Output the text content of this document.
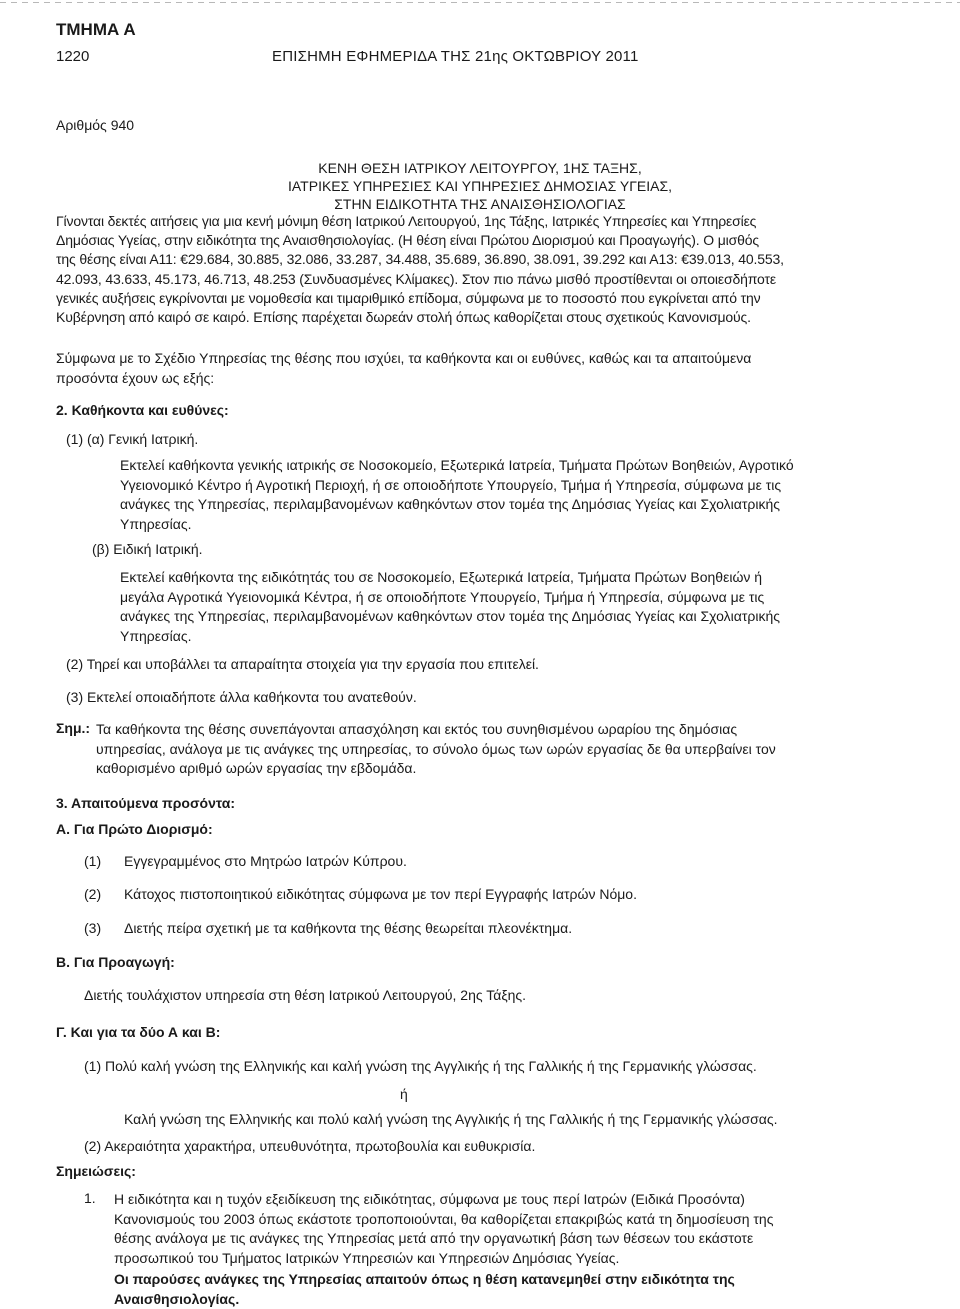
ΤΜΗΜΑ Α
1220	ΕΠΙΣΗΜΗ ΕΦΗΜΕΡΙΔΑ ΤΗΣ 21ης ΟΚΤΩΒΡΙΟΥ 2011
Αριθμός 940
ΚΕΝΗ ΘΕΣΗ ΙΑΤΡΙΚΟΥ ΛΕΙΤΟΥΡΓΟΥ, 1ΗΣ ΤΑΞΗΣ,
ΙΑΤΡΙΚΕΣ ΥΠΗΡΕΣΙΕΣ ΚΑΙ ΥΠΗΡΕΣΙΕΣ ΔΗΜΟΣΙΑΣ ΥΓΕΙΑΣ,
ΣΤΗΝ ΕΙΔΙΚΟΤΗΤΑ ΤΗΣ ΑΝΑΙΣΘΗΣΙΟΛΟΓΙΑΣ
Γίνονται δεκτές αιτήσεις για μια κενή μόνιμη θέση Ιατρικού Λειτουργού, 1ης Τάξης, Ιατρικές Υπηρεσίες και Υπηρεσίες
Δημόσιας Υγείας, στην ειδικότητα της Αναισθησιολογίας. (Η θέση είναι Πρώτου Διορισμού και Προαγωγής). Ο μισθός
της θέσης είναι Α11: €29.684, 30.885, 32.086, 33.287, 34.488, 35.689, 36.890, 38.091, 39.292 και Α13: €39.013, 40.553,
42.093, 43.633, 45.173, 46.713, 48.253 (Συνδυασμένες Κλίμακες). Στον πιο πάνω μισθό προστίθενται οι οποιεσδήποτε
γενικές αυξήσεις εγκρίνονται με νομοθεσία και τιμαριθμικό επίδομα, σύμφωνα με το ποσοστό που εγκρίνεται από την
Κυβέρνηση από καιρό σε καιρό. Επίσης παρέχεται δωρεάν στολή όπως καθορίζεται στους σχετικούς Κανονισμούς.
Σύμφωνα με το Σχέδιο Υπηρεσίας της θέσης που ισχύει, τα καθήκοντα και οι ευθύνες, καθώς και τα απαιτούμενα
προσόντα έχουν ως εξής:
2. Καθήκοντα και ευθύνες:
(1) (α) Γενική Ιατρική.
Εκτελεί καθήκοντα γενικής ιατρικής σε Νοσοκομείο, Εξωτερικά Ιατρεία, Τμήματα Πρώτων Βοηθειών, Αγροτικό
Υγειονομικό Κέντρο ή Αγροτική Περιοχή, ή σε οποιοδήποτε Υπουργείο, Τμήμα ή Υπηρεσία, σύμφωνα με τις
ανάγκες της Υπηρεσίας, περιλαμβανομένων καθηκόντων στον τομέα της Δημόσιας Υγείας και Σχολιατρικής
Υπηρεσίας.
(β) Ειδική Ιατρική.
Εκτελεί καθήκοντα της ειδικότητάς του σε Νοσοκομείο, Εξωτερικά Ιατρεία, Τμήματα Πρώτων Βοηθειών ή
μεγάλα Αγροτικά Υγειονομικά Κέντρα, ή σε οποιοδήποτε Υπουργείο, Τμήμα ή Υπηρεσία, σύμφωνα με τις
ανάγκες της Υπηρεσίας, περιλαμβανομένων καθηκόντων στον τομέα της Δημόσιας Υγείας και Σχολιατρικής
Υπηρεσίας.
(2) Τηρεί και υποβάλλει τα απαραίτητα στοιχεία για την εργασία που επιτελεί.
(3) Εκτελεί οποιαδήποτε άλλα καθήκοντα του ανατεθούν.
Σημ.: Τα καθήκοντα της θέσης συνεπάγονται απασχόληση και εκτός του συνηθισμένου ωραρίου της δημόσιας
υπηρεσίας, ανάλογα με τις ανάγκες της υπηρεσίας, το σύνολο όμως των ωρών εργασίας δε θα υπερβαίνει τον
καθορισμένο αριθμό ωρών εργασίας την εβδομάδα.
3. Απαιτούμενα προσόντα:
Α. Για Πρώτο Διορισμό:
(1) Εγγεγραμμένος στο Μητρώο Ιατρών Κύπρου.
(2) Κάτοχος πιστοποιητικού ειδικότητας σύμφωνα με τον περί Εγγραφής Ιατρών Νόμο.
(3) Διετής πείρα σχετική με τα καθήκοντα της θέσης θεωρείται πλεονέκτημα.
Β. Για Προαγωγή:
Διετής τουλάχιστον υπηρεσία στη θέση Ιατρικού Λειτουργού, 2ης Τάξης.
Γ. Και για τα δύο Α και Β:
(1) Πολύ καλή γνώση της Ελληνικής και καλή γνώση της Αγγλικής ή της Γαλλικής ή της Γερμανικής γλώσσας.
ή
Καλή γνώση της Ελληνικής και πολύ καλή γνώση της Αγγλικής ή της Γαλλικής ή της Γερμανικής γλώσσας.
(2) Ακεραιότητα χαρακτήρα, υπευθυνότητα, πρωτοβουλία και ευθυκρισία.
Σημειώσεις:
1. Η ειδικότητα και η τυχόν εξειδίκευση της ειδικότητας, σύμφωνα με τους περί Ιατρών (Ειδικά Προσόντα)
Κανονισμούς του 2003 όπως εκάστοτε τροποποιούνται, θα καθορίζεται επακριβώς κατά τη δημοσίευση της
θέσης ανάλογα με τις ανάγκες της Υπηρεσίας μετά από την οργανωτική βάση των θέσεων του εκάστοτε
προσωπικού του Τμήματος Ιατρικών Υπηρεσιών και Υπηρεσιών Δημόσιας Υγείας.
Οι παρούσες ανάγκες της Υπηρεσίας απαιτούν όπως η θέση κατανεμηθεί στην ειδικότητα της
Αναισθησιολογίας.
